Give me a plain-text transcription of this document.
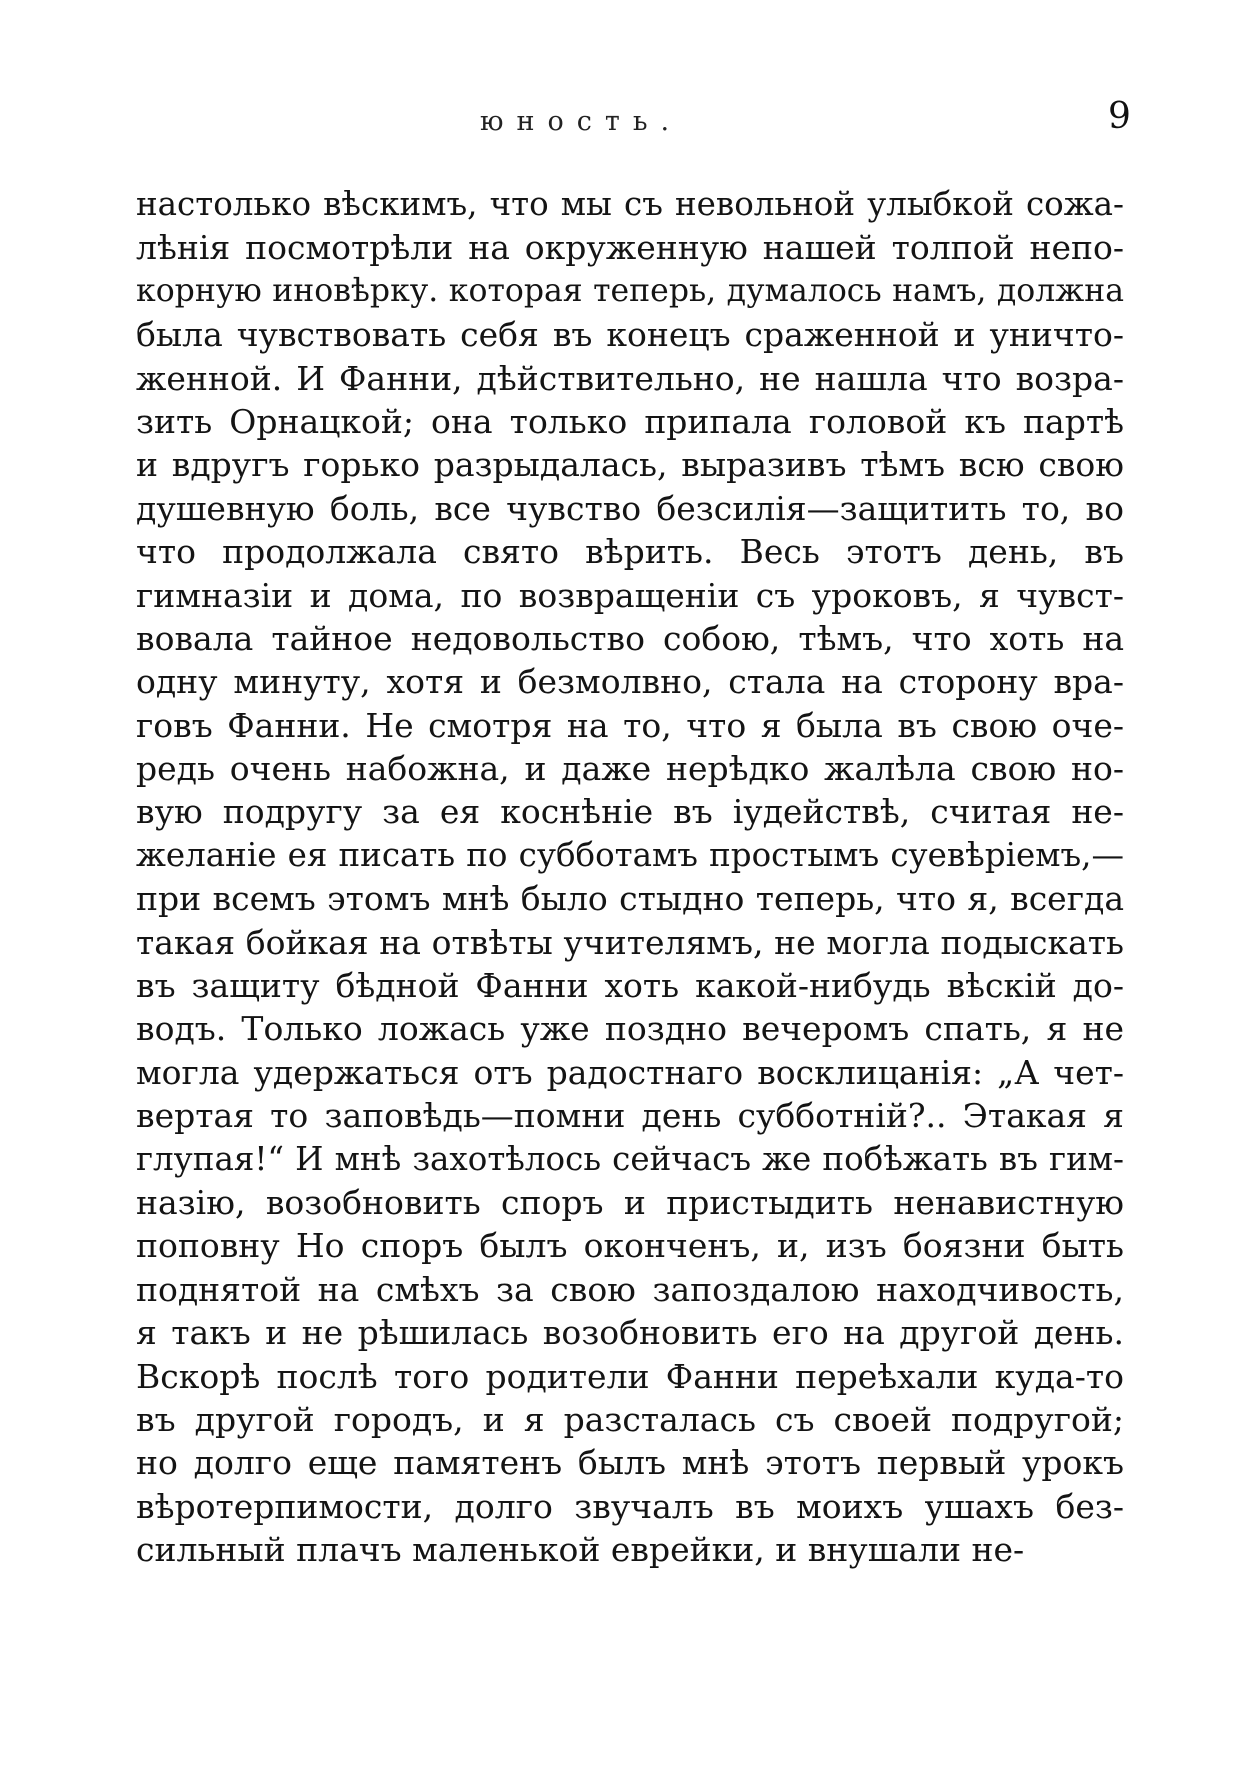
юность.	9
настолько вѣскимъ, что мы съ невольной улыбкой сожа-
лѣнія посмотрѣли на окруженную нашей толпой непо-
корную иновѣрку. которая теперь, думалось намъ, должна
была чувствовать себя въ конецъ сраженной и уничто-
женной. И Фанни, дѣйствительно, не нашла что возра-
зить Орнацкой; она только припала головой къ партѣ
и вдругъ горько разрыдалась, выразивъ тѣмъ всю свою
душевную боль, все чувство безсилія—защитить то, во
что продолжала свято вѣрить. Весь этотъ день, въ
гимназіи и дома, по возвращеніи съ уроковъ, я чувст-
вовала тайное недовольство собою, тѣмъ, что хоть на
одну минуту, хотя и безмолвно, стала на сторону вра-
говъ Фанни. Не смотря на то, что я была въ свою оче-
редь очень набожна, и даже нерѣдко жалѣла свою но-
вую подругу за ея коснѣніе въ іудействѣ, считая не-
желаніе ея писать по субботамъ простымъ суевѣріемъ,—
при всемъ этомъ мнѣ было стыдно теперь, что я, всегда
такая бойкая на отвѣты учителямъ, не могла подыскать
въ защиту бѣдной Фанни хоть какой-нибудь вѣскій до-
водъ. Только ложась уже поздно вечеромъ спать, я не
могла удержаться отъ радостнаго восклицанія: „А чет-
вертая то заповѣдь—помни день субботній?.. Этакая я
глупая!“ И мнѣ захотѣлось сейчасъ же побѣжать въ гим-
назію, возобновить споръ и пристыдить ненавистную
поповну Но споръ былъ оконченъ, и, изъ боязни быть
поднятой на смѣхъ за свою запоздалою находчивость,
я такъ и не рѣшилась возобновить его на другой день.
Вскорѣ послѣ того родители Фанни переѣхали куда-то
въ другой городъ, и я разсталась съ своей подругой;
но долго еще памятенъ былъ мнѣ этотъ первый урокъ
вѣротерпимости, долго звучалъ въ моихъ ушахъ без-
сильный плачъ маленькой еврейки, и внушали не-
